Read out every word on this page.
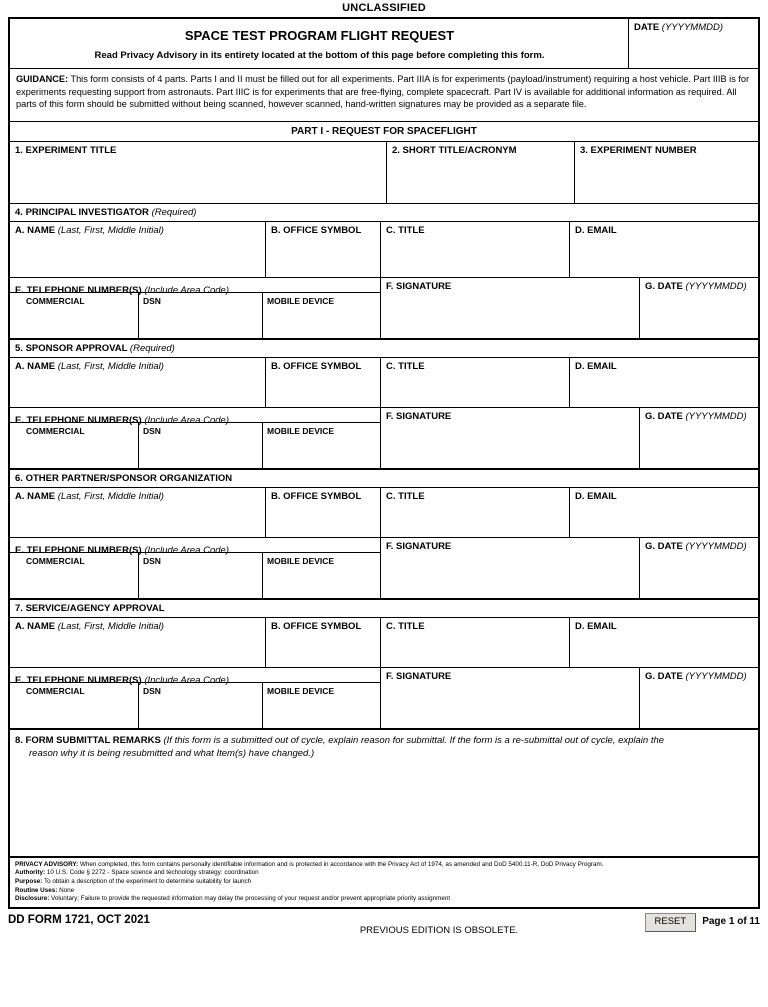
UNCLASSIFIED
SPACE TEST PROGRAM FLIGHT REQUEST
Read Privacy Advisory in its entirety located at the bottom of this page before completing this form.
DATE (YYYYMMDD)
GUIDANCE: This form consists of 4 parts. Parts I and II must be filled out for all experiments. Part IIIA is for experiments (payload/instrument) requiring a host vehicle. Part IIIB is for experiments requesting support from astronauts. Part IIIC is for experiments that are free-flying, complete spacecraft. Part IV is available for additional information as required. All parts of this form should be submitted without being scanned, however scanned, hand-written signatures may be provided as a separate file.
PART I - REQUEST FOR SPACEFLIGHT
1. EXPERIMENT TITLE	2. SHORT TITLE/ACRONYM	3. EXPERIMENT NUMBER
4. PRINCIPAL INVESTIGATOR (Required)
A. NAME (Last, First, Middle Initial)	B. OFFICE SYMBOL	C. TITLE	D. EMAIL
E. TELEPHONE NUMBER(S) (Include Area Code)
COMMERCIAL	DSN	MOBILE DEVICE
F. SIGNATURE	G. DATE (YYYYMMDD)
5. SPONSOR APPROVAL (Required)
A. NAME (Last, First, Middle Initial)	B. OFFICE SYMBOL	C. TITLE	D. EMAIL
E. TELEPHONE NUMBER(S) (Include Area Code)
COMMERCIAL	DSN	MOBILE DEVICE
F. SIGNATURE	G. DATE (YYYYMMDD)
6. OTHER PARTNER/SPONSOR ORGANIZATION
A. NAME (Last, First, Middle Initial)	B. OFFICE SYMBOL	C. TITLE	D. EMAIL
E. TELEPHONE NUMBER(S) (Include Area Code)
COMMERCIAL	DSN	MOBILE DEVICE
F. SIGNATURE	G. DATE (YYYYMMDD)
7. SERVICE/AGENCY APPROVAL
A. NAME (Last, First, Middle Initial)	B. OFFICE SYMBOL	C. TITLE	D. EMAIL
E. TELEPHONE NUMBER(S) (Include Area Code)
COMMERCIAL	DSN	MOBILE DEVICE
F. SIGNATURE	G. DATE (YYYYMMDD)
8. FORM SUBMITTAL REMARKS (If this form is a submitted out of cycle, explain reason for submittal. If the form is a re-submittal out of cycle, explain the
reason why it is being resubmitted and what Item(s) have changed.)
PRIVACY ADVISORY: When completed, this form contains personally identifiable information and is protected in accordance with the Privacy Act of 1974, as amended and DoD 5400.11-R, DoD Privacy Program.
Authority: 10 U.S. Code § 2272 - Space science and technology strategy: coordination
Purpose: To obtain a description of the experiment to determine suitability for launch
Routine Uses: None
Disclosure: Voluntary; Failure to provide the requested information may delay the processing of your request and/or prevent appropriate priority assignment
DD FORM 1721, OCT 2021
PREVIOUS EDITION IS OBSOLETE.
RESET	Page 1 of 11
